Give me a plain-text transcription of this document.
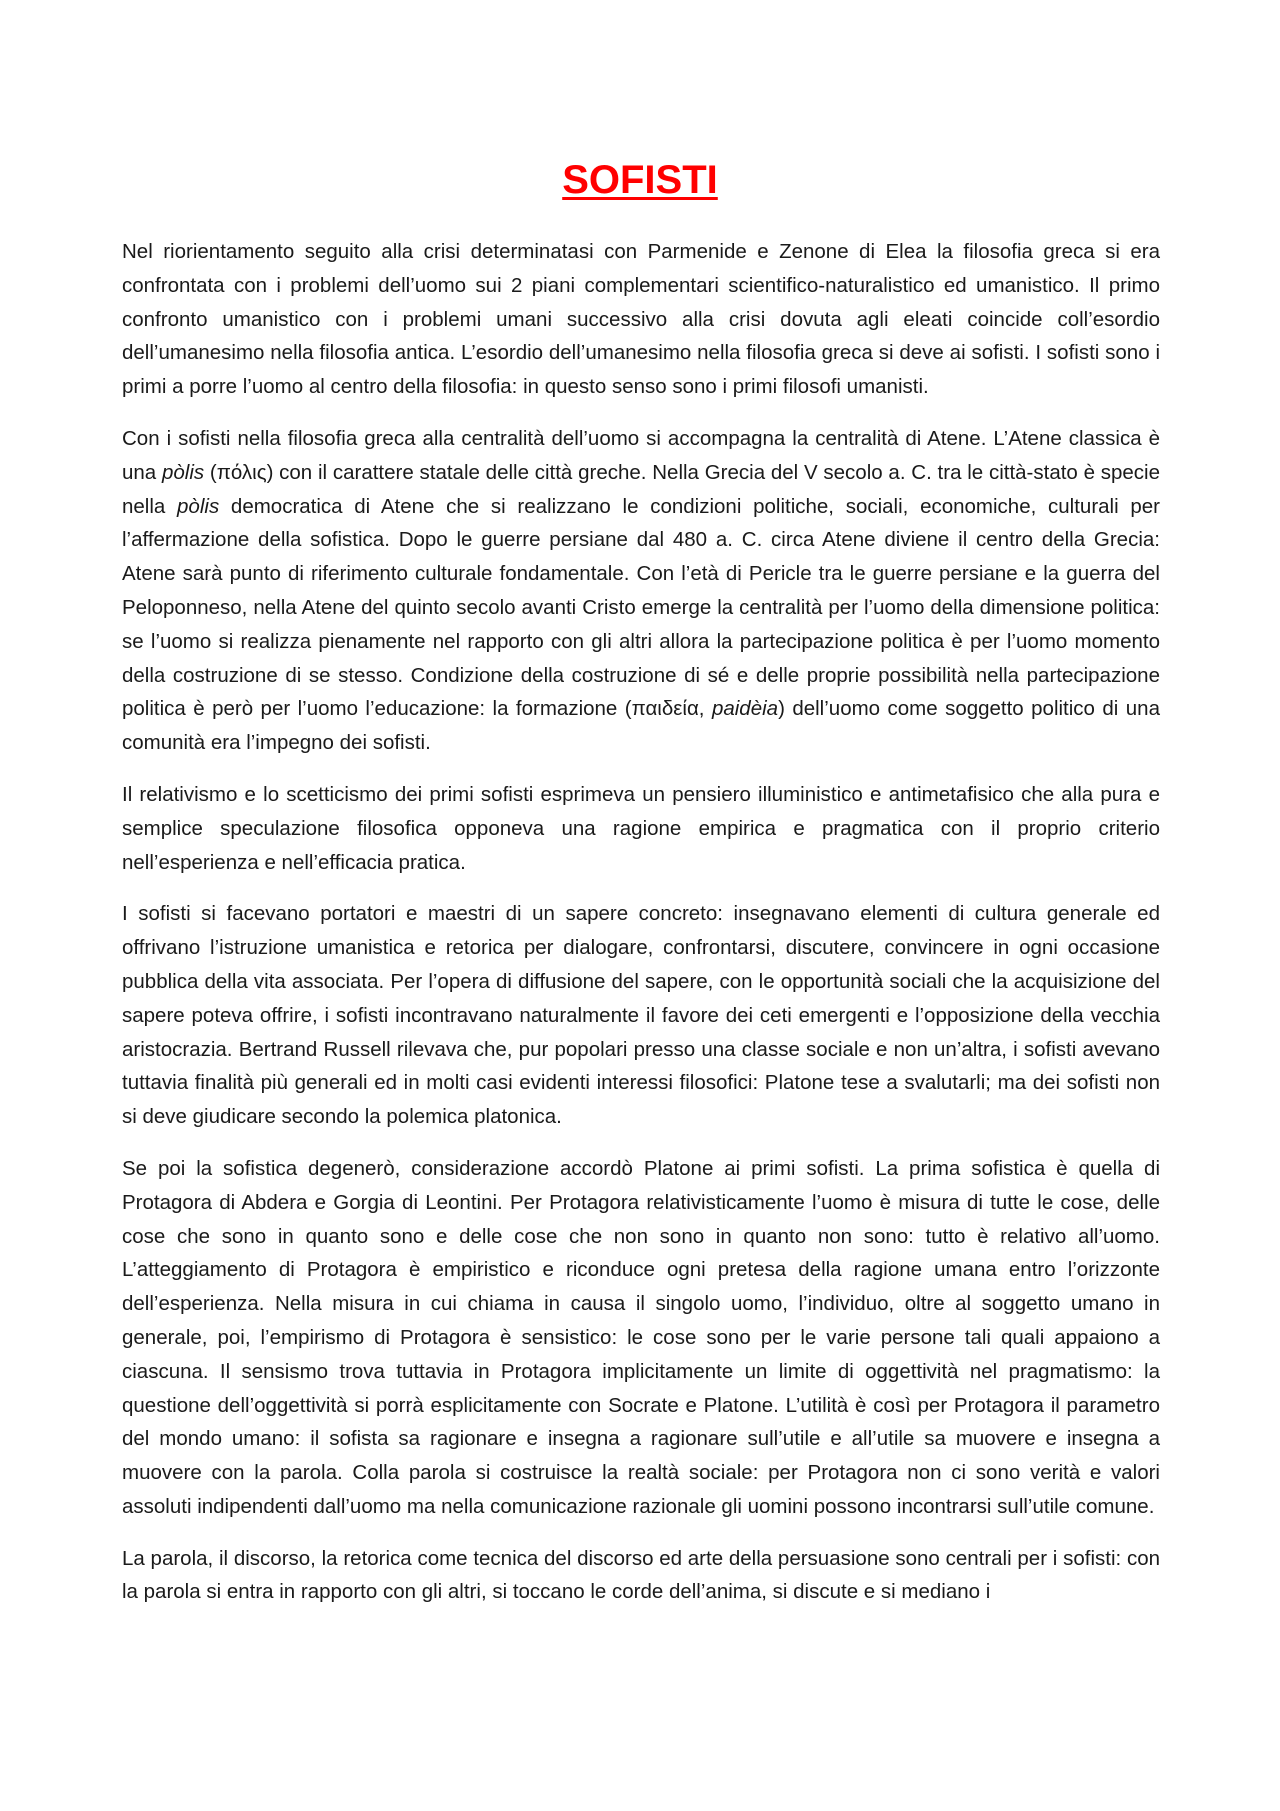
SOFISTI

Nel riorientamento seguito alla crisi determinatasi con Parmenide e Zenone di Elea la filosofia greca si era confrontata con i problemi dell’uomo sui 2 piani complementari scientifico-naturalistico ed umanistico. Il primo confronto umanistico con i problemi umani successivo alla crisi dovuta agli eleati coincide coll’esordio dell’umanesimo nella filosofia antica. L’esordio dell’umanesimo nella filosofia greca si deve ai sofisti. I sofisti sono i primi a porre l’uomo al centro della filosofia: in questo senso sono i primi filosofi umanisti.

Con i sofisti nella filosofia greca alla centralità dell’uomo si accompagna la centralità di Atene. L’Atene classica è una pòlis (πόλις) con il carattere statale delle città greche. Nella Grecia del V secolo a. C. tra le città-stato è specie nella pòlis democratica di Atene che si realizzano le condizioni politiche, sociali, economiche, culturali per l’affermazione della sofistica. Dopo le guerre persiane dal 480 a. C. circa Atene diviene il centro della Grecia: Atene sarà punto di riferimento culturale fondamentale. Con l’età di Pericle tra le guerre persiane e la guerra del Peloponneso, nella Atene del quinto secolo avanti Cristo emerge la centralità per l’uomo della dimensione politica: se l’uomo si realizza pienamente nel rapporto con gli altri allora la partecipazione politica è per l’uomo momento della costruzione di se stesso. Condizione della costruzione di sé e delle proprie possibilità nella partecipazione politica è però per l’uomo l’educazione: la formazione (παιδεία, paidèia) dell’uomo come soggetto politico di una comunità era l’impegno dei sofisti.

Il relativismo e lo scetticismo dei primi sofisti esprimeva un pensiero illuministico e antimetafisico che alla pura e semplice speculazione filosofica opponeva una ragione empirica e pragmatica con il proprio criterio nell’esperienza e nell’efficacia pratica.

I sofisti si facevano portatori e maestri di un sapere concreto: insegnavano elementi di cultura generale ed offrivano l’istruzione umanistica e retorica per dialogare, confrontarsi, discutere, convincere in ogni occasione pubblica della vita associata. Per l’opera di diffusione del sapere, con le opportunità sociali che la acquisizione del sapere poteva offrire, i sofisti incontravano naturalmente il favore dei ceti emergenti e l’opposizione della vecchia aristocrazia. Bertrand Russell rilevava che, pur popolari presso una classe sociale e non un’altra, i sofisti avevano tuttavia finalità più generali ed in molti casi evidenti interessi filosofici: Platone tese a svalutarli; ma dei sofisti non si deve giudicare secondo la polemica platonica.

Se poi la sofistica degenerò, considerazione accordò Platone ai primi sofisti. La prima sofistica è quella di Protagora di Abdera e Gorgia di Leontini. Per Protagora relativisticamente l’uomo è misura di tutte le cose, delle cose che sono in quanto sono e delle cose che non sono in quanto non sono: tutto è relativo all’uomo. L’atteggiamento di Protagora è empiristico e riconduce ogni pretesa della ragione umana entro l’orizzonte dell’esperienza. Nella misura in cui chiama in causa il singolo uomo, l’individuo, oltre al soggetto umano in generale, poi, l’empirismo di Protagora è sensistico: le cose sono per le varie persone tali quali appaiono a ciascuna. Il sensismo trova tuttavia in Protagora implicitamente un limite di oggettività nel pragmatismo: la questione dell’oggettività si porrà esplicitamente con Socrate e Platone. L’utilità è così per Protagora il parametro del mondo umano: il sofista sa ragionare e insegna a ragionare sull’utile e all’utile sa muovere e insegna a muovere con la parola. Colla parola si costruisce la realtà sociale: per Protagora non ci sono verità e valori assoluti indipendenti dall’uomo ma nella comunicazione razionale gli uomini possono incontrarsi sull’utile comune.

La parola, il discorso, la retorica come tecnica del discorso ed arte della persuasione sono centrali per i sofisti: con la parola si entra in rapporto con gli altri, si toccano le corde dell’anima, si discute e si mediano i
